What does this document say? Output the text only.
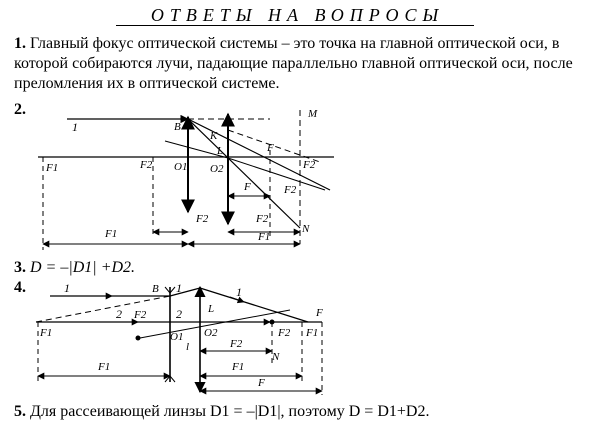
ОТВЕТЫ НА ВОПРОСЫ
1. Главный фокус оптической системы – это точка на главной оптической оси, в которой собираются лучи, падающие параллельно главной оптической оси, после преломления их в оптической системе.
2.
1	B
K
M
L
F1	F2 O1 O2
F
F2
F2
F
F2	F2
N
F1	F1
3. D = –|D1| +D2.
4.	1	B 1	1
2 F2 2 L	F
F1	O1
l
O2	F2 F1
F2
N
F1	F1
F
5. Для рассеивающей линзы D1 = –|D1|, поэтому D = D1+D2.
